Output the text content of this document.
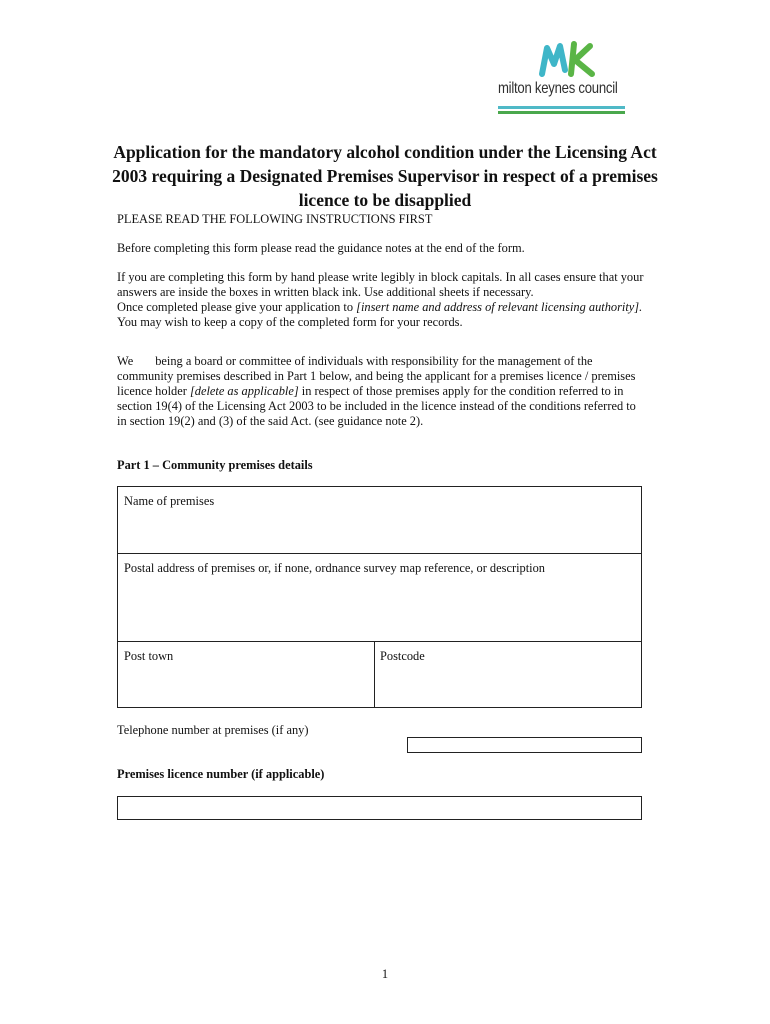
milton keynes council
Application for the mandatory alcohol condition under the Licensing Act 2003 requiring a Designated Premises Supervisor in respect of a premises licence to be disapplied
PLEASE READ THE FOLLOWING INSTRUCTIONS FIRST
Before completing this form please read the guidance notes at the end of the form.
If you are completing this form by hand please write legibly in block capitals. In all cases ensure that your answers are inside the boxes in written black ink. Use additional sheets if necessary.
Once completed please give your application to [insert name and address of relevant licensing authority]. You may wish to keep a copy of the completed form for your records.
We being a board or committee of individuals with responsibility for the management of the community premises described in Part 1 below, and being the applicant for a premises licence / premises licence holder [delete as applicable] in respect of those premises apply for the condition referred to in section 19(4) of the Licensing Act 2003 to be included in the licence instead of the conditions referred to in section 19(2) and (3) of the said Act. (see guidance note 2).
Part 1 – Community premises details
Name of premises
Postal address of premises or, if none, ordnance survey map reference, or description
Post town	Postcode
Telephone number at premises (if any)
Premises licence number (if applicable)
1
